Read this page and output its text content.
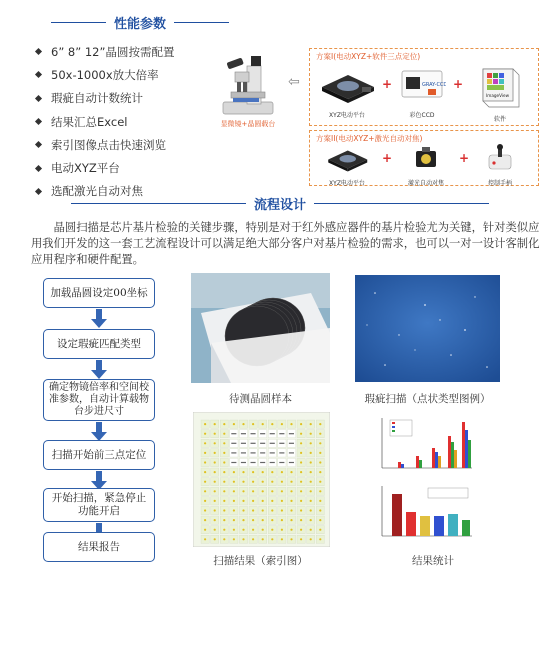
性能参数
6” 8” 12”晶圆按需配置
50x-1000x放大倍率
瑕疵自动计数统计
结果汇总Excel
索引图像点击快速浏览
电动XYZ平台
选配激光自动对焦
显微镜+晶圆载台
⇦
方案I(电动XYZ+软件三点定位)
XYZ电动平台
+	GRAY-CCD
彩色CCD
+
ImageView
软件
方案II(电动XYZ+激光自动对焦)
XYZ电动平台
+
激光自动对焦
+
控制手柄
流程设计

晶圆扫描是芯片基片检验的关键步骤，特别是对于红外感应器件的基片检验尤为关键，针对类似应用我们开发的这一套工艺流程设计可以满足绝大部分客户对基片检验的需求，也可以一对一设计客制化应用程序和硬件配置。

加载晶圆设定00坐标
设定瑕疵匹配类型
确定物镜倍率和空间校准参数，自动计算载物台步进尺寸
扫描开始前三点定位
开始扫描，紧急停止功能开启
结果报告
待测晶圆样本	瑕疵扫描（点状类型图例）
扫描结果（索引图）	结果统计
